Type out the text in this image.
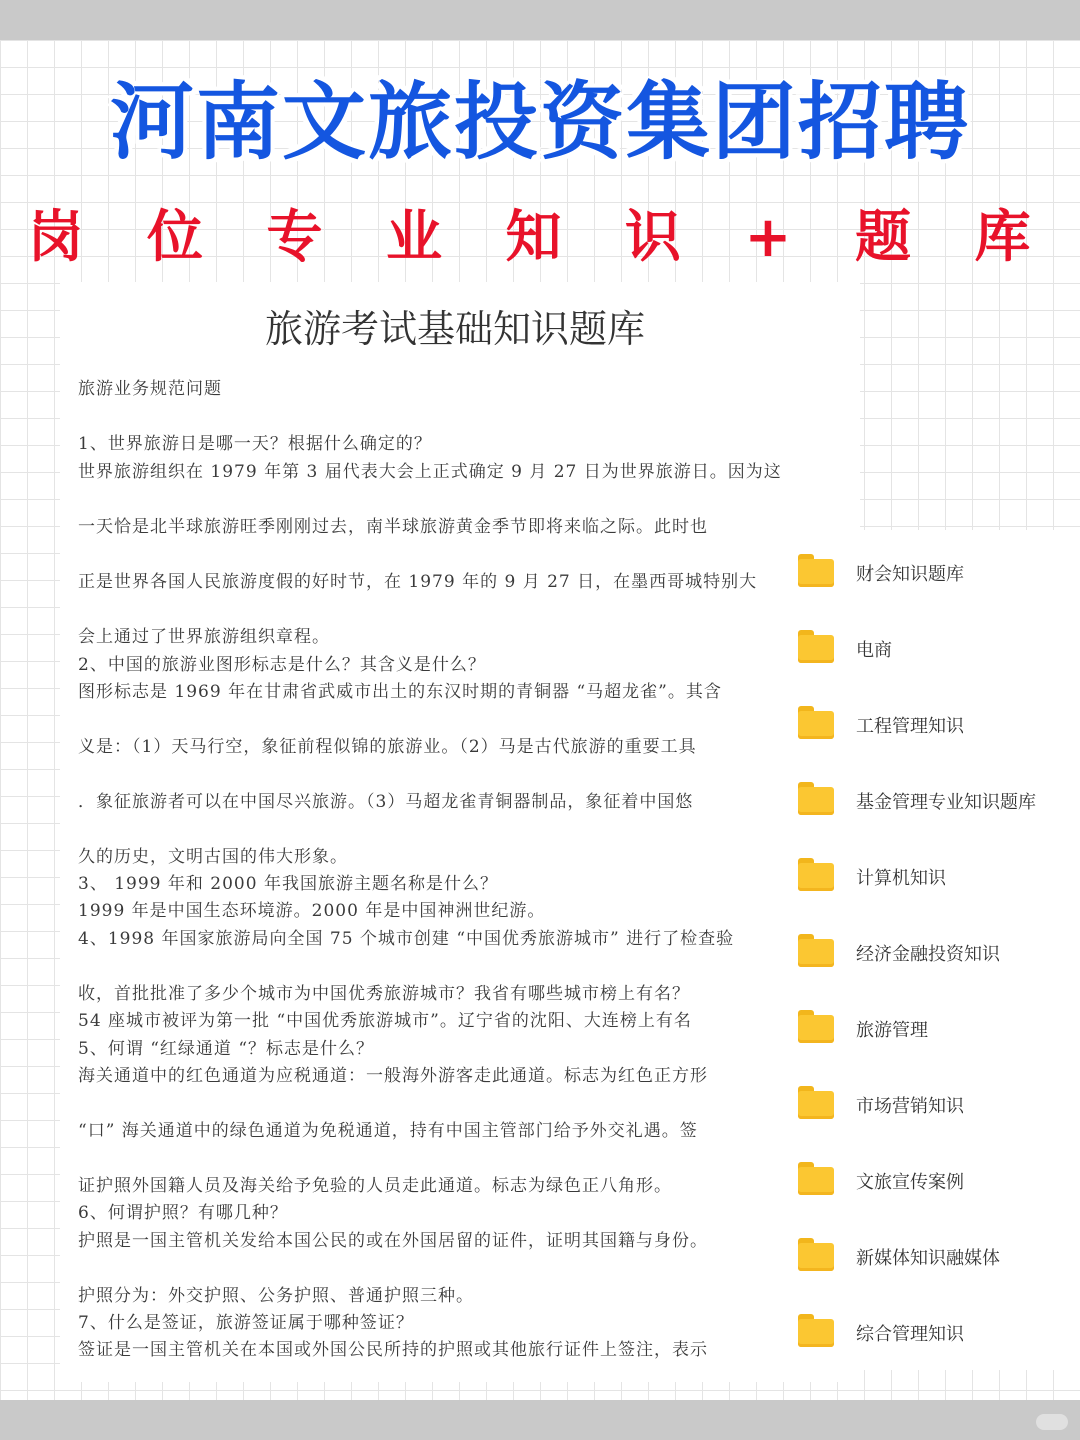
河南文旅投资集团招聘
岗 位 专 业 知 识 + 题 库
旅游考试基础知识题库
旅游业务规范问题
1、世界旅游日是哪一天？根据什么确定的？
世界旅游组织在 1979 年第 3 届代表大会上正式确定 9 月 27 日为世界旅游日。因为这
一天恰是北半球旅游旺季刚刚过去，南半球旅游黄金季节即将来临之际。此时也
正是世界各国人民旅游度假的好时节，在 1979 年的 9 月 27 日，在墨西哥城特别大
会上通过了世界旅游组织章程。
2、中国的旅游业图形标志是什么？其含义是什么？
图形标志是 1969 年在甘肃省武威市出土的东汉时期的青铜器 “马超龙雀”。其含
义是：（1）天马行空，象征前程似锦的旅游业。（2）马是古代旅游的重要工具
．象征旅游者可以在中国尽兴旅游。（3）马超龙雀青铜器制品，象征着中国悠
久的历史，文明古国的伟大形象。
3、 1999 年和 2000 年我国旅游主题名称是什么？
1999 年是中国生态环境游。2000 年是中国神洲世纪游。
4、1998 年国家旅游局向全国 75 个城市创建 “中国优秀旅游城市” 进行了检查验
收，首批批准了多少个城市为中国优秀旅游城市？我省有哪些城市榜上有名？
54 座城市被评为第一批 “中国优秀旅游城市”。辽宁省的沈阳、大连榜上有名
5、何谓 “红绿通道 “？标志是什么？
海关通道中的红色通道为应税通道：一般海外游客走此通道。标志为红色正方形
“口” 海关通道中的绿色通道为免税通道，持有中国主管部门给予外交礼遇。签
证护照外国籍人员及海关给予免验的人员走此通道。标志为绿色正八角形。
6、何谓护照？有哪几种？
护照是一国主管机关发给本国公民的或在外国居留的证件，证明其国籍与身份。
护照分为：外交护照、公务护照、普通护照三种。
7、什么是签证，旅游签证属于哪种签证？
签证是一国主管机关在本国或外国公民所持的护照或其他旅行证件上签注，表示
财会知识题库
电商
工程管理知识
基金管理专业知识题库
计算机知识
经济金融投资知识
旅游管理
市场营销知识
文旅宣传案例
新媒体知识融媒体
综合管理知识
